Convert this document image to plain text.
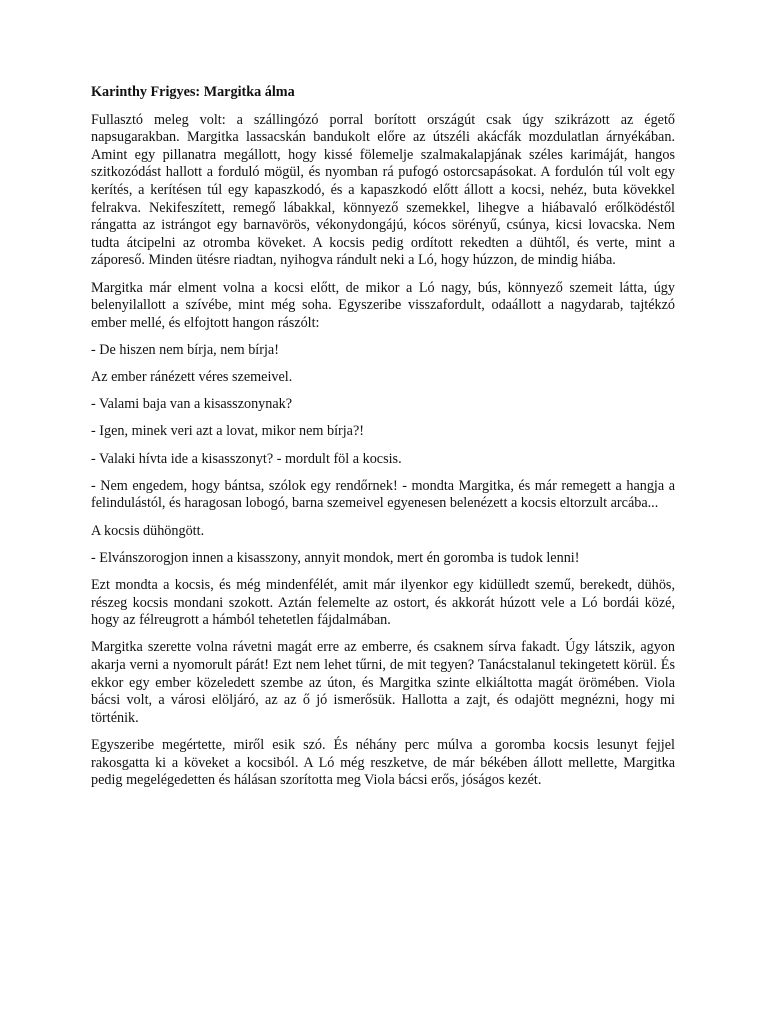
Karinthy Frigyes: Margitka álma

Fullasztó meleg volt: a szállingózó porral borított országút csak úgy szikrázott az égető napsugarakban. Margitka lassacskán bandukolt előre az útszéli akácfák mozdulatlan árnyékában. Amint egy pillanatra megállott, hogy kissé fölemelje szalmakalapjának széles karimáját, hangos szitkozódást hallott a forduló mögül, és nyomban rá pufogó ostorcsapásokat. A fordulón túl volt egy kerítés, a kerítésen túl egy kapaszkodó, és a kapaszkodó előtt állott a kocsi, nehéz, buta kövekkel felrakva. Nekifeszített, remegő lábakkal, könnyező szemekkel, lihegve a hiábavaló erőlködéstől rángatta az istrángot egy barnavörös, vékonydongájú, kócos sörényű, csúnya, kicsi lovacska. Nem tudta átcipelni az otromba köveket. A kocsis pedig ordított rekedten a dühtől, és verte, mint a záporeső. Minden ütésre riadtan, nyihogva rándult neki a Ló, hogy húzzon, de mindig hiába.

Margitka már elment volna a kocsi előtt, de mikor a Ló nagy, bús, könnyező szemeit látta, úgy belenyilallott a szívébe, mint még soha. Egyszeribe visszafordult, odaállott a nagydarab, tajtékzó ember mellé, és elfojtott hangon rászólt:

- De hiszen nem bírja, nem bírja!

Az ember ránézett véres szemeivel.

- Valami baja van a kisasszonynak?

- Igen, minek veri azt a lovat, mikor nem bírja?!

- Valaki hívta ide a kisasszonyt? - mordult föl a kocsis.

- Nem engedem, hogy bántsa, szólok egy rendőrnek! - mondta Margitka, és már remegett a hangja a felindulástól, és haragosan lobogó, barna szemeivel egyenesen belenézett a kocsis eltorzult arcába...

A kocsis dühöngött.

- Elvánszorogjon innen a kisasszony, annyit mondok, mert én goromba is tudok lenni!

Ezt mondta a kocsis, és még mindenfélét, amit már ilyenkor egy kidülledt szemű, berekedt, dühös, részeg kocsis mondani szokott. Aztán felemelte az ostort, és akkorát húzott vele a Ló bordái közé, hogy az félreugrott a hámból tehetetlen fájdalmában.

Margitka szerette volna rávetni magát erre az emberre, és csaknem sírva fakadt. Úgy látszik, agyon akarja verni a nyomorult párát! Ezt nem lehet tűrni, de mit tegyen? Tanácstalanul tekingetett körül. És ekkor egy ember közeledett szembe az úton, és Margitka szinte elkiáltotta magát örömében. Viola bácsi volt, a városi elöljáró, az az ő jó ismerősük. Hallotta a zajt, és odajött megnézni, hogy mi történik.

Egyszeribe megértette, miről esik szó. És néhány perc múlva a goromba kocsis lesunyt fejjel rakosgatta ki a köveket a kocsiból. A Ló még reszketve, de már békében állott mellette, Margitka pedig megelégedetten és hálásan szorította meg Viola bácsi erős, jóságos kezét.
